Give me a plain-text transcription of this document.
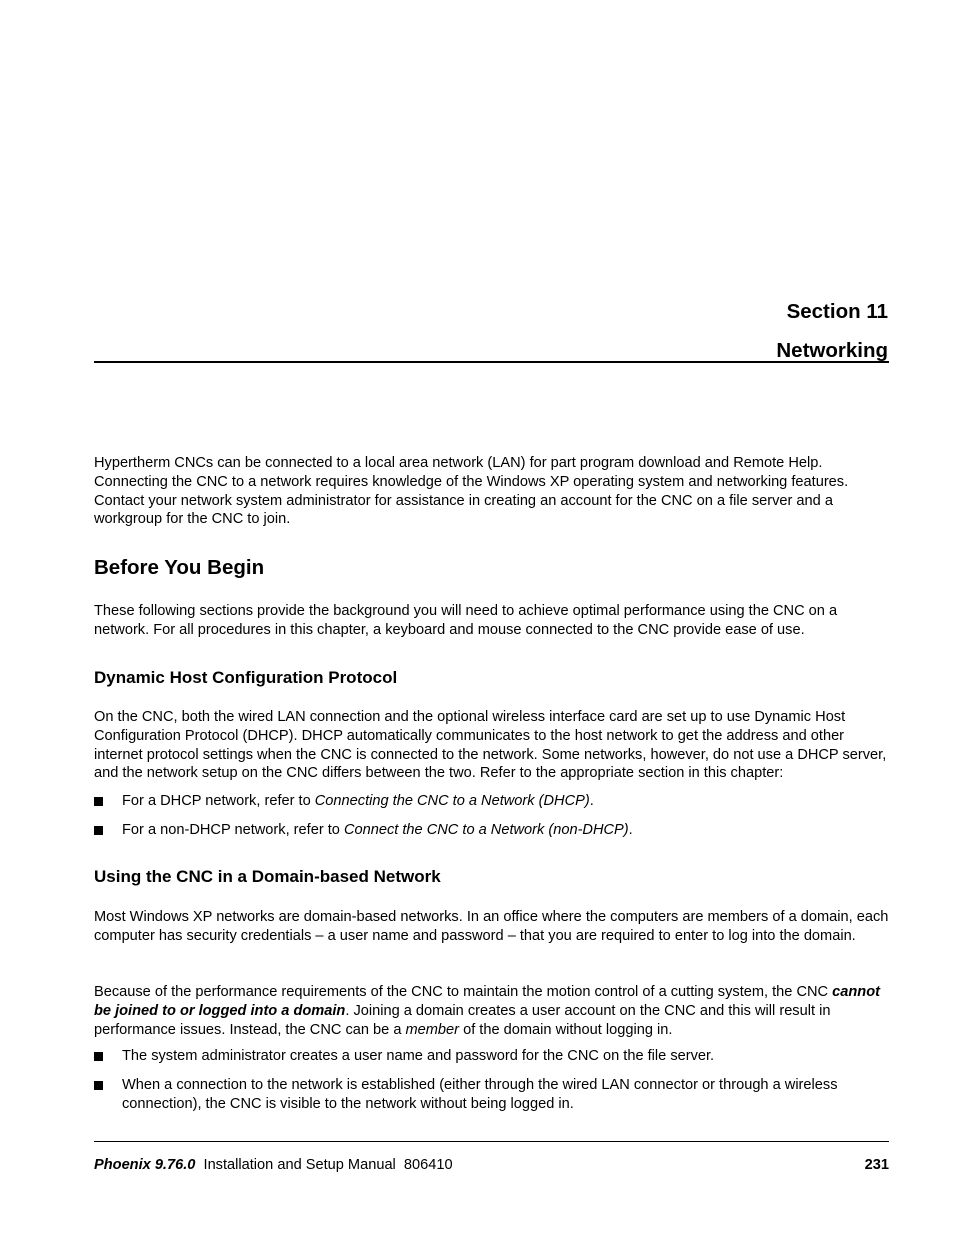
Section 11
Networking

Hypertherm CNCs can be connected to a local area network (LAN) for part program download and Remote Help. Connecting the CNC to a network requires knowledge of the Windows XP operating system and networking features. Contact your network system administrator for assistance in creating an account for the CNC on a file server and a workgroup for the CNC to join.

Before You Begin

These following sections provide the background you will need to achieve optimal performance using the CNC on a network. For all procedures in this chapter, a keyboard and mouse connected to the CNC provide ease of use.

Dynamic Host Configuration Protocol

On the CNC, both the wired LAN connection and the optional wireless interface card are set up to use Dynamic Host Configuration Protocol (DHCP). DHCP automatically communicates to the host network to get the address and other internet protocol settings when the CNC is connected to the network. Some networks, however, do not use a DHCP server, and the network setup on the CNC differs between the two. Refer to the appropriate section in this chapter:

For a DHCP network, refer to Connecting the CNC to a Network (DHCP).
For a non-DHCP network, refer to Connect the CNC to a Network (non-DHCP).
Using the CNC in a Domain-based Network

Most Windows XP networks are domain-based networks. In an office where the computers are members of a domain, each computer has security credentials – a user name and password – that you are required to enter to log into the domain.

Because of the performance requirements of the CNC to maintain the motion control of a cutting system, the CNC cannot be joined to or logged into a domain. Joining a domain creates a user account on the CNC and this will result in performance issues. Instead, the CNC can be a member of the domain without logging in.

The system administrator creates a user name and password for the CNC on the file server.
When a connection to the network is established (either through the wired LAN connector or through a wireless connection), the CNC is visible to the network without being logged in.
Phoenix 9.76.0 Installation and Setup Manual 806410	231
